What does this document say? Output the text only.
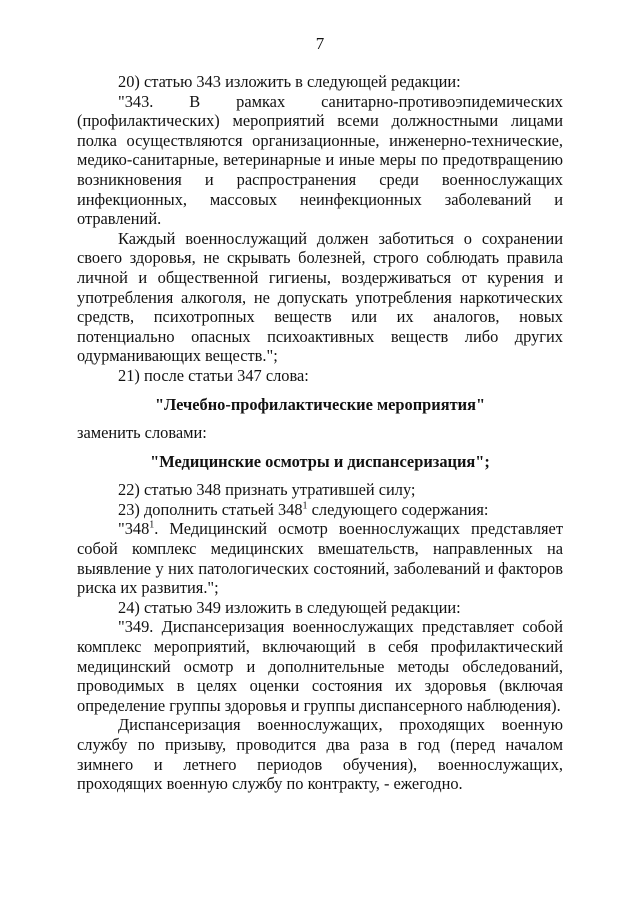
7

20) статью 343 изложить в следующей редакции:

"343. В рамках санитарно-противоэпидемических (профилактических) мероприятий всеми должностными лицами полка осуществляются организационные, инженерно-технические, медико-санитарные, ветеринарные и иные меры по предотвращению возникновения и распространения среди военнослужащих инфекционных, массовых неинфекционных заболеваний и отравлений.

Каждый военнослужащий должен заботиться о сохранении своего здоровья, не скрывать болезней, строго соблюдать правила личной и общественной гигиены, воздерживаться от курения и употребления алкоголя, не допускать употребления наркотических средств, психотропных веществ или их аналогов, новых потенциально опасных психоактивных веществ либо других одурманивающих веществ.";

21) после статьи 347 слова:

"Лечебно-профилактические мероприятия"

заменить словами:

"Медицинские осмотры и диспансеризация";

22) статью 348 признать утратившей силу;

23) дополнить статьей $348^1$ следующего содержания:

"$348^1$. Медицинский осмотр военнослужащих представляет собой комплекс медицинских вмешательств, направленных на выявление у них патологических состояний, заболеваний и факторов риска их развития.";

24) статью 349 изложить в следующей редакции:

"349. Диспансеризация военнослужащих представляет собой комплекс мероприятий, включающий в себя профилактический медицинский осмотр и дополнительные методы обследований, проводимых в целях оценки состояния их здоровья (включая определение группы здоровья и группы диспансерного наблюдения).

Диспансеризация военнослужащих, проходящих военную службу по призыву, проводится два раза в год (перед началом зимнего и летнего периодов обучения), военнослужащих, проходящих военную службу по контракту, - ежегодно.
